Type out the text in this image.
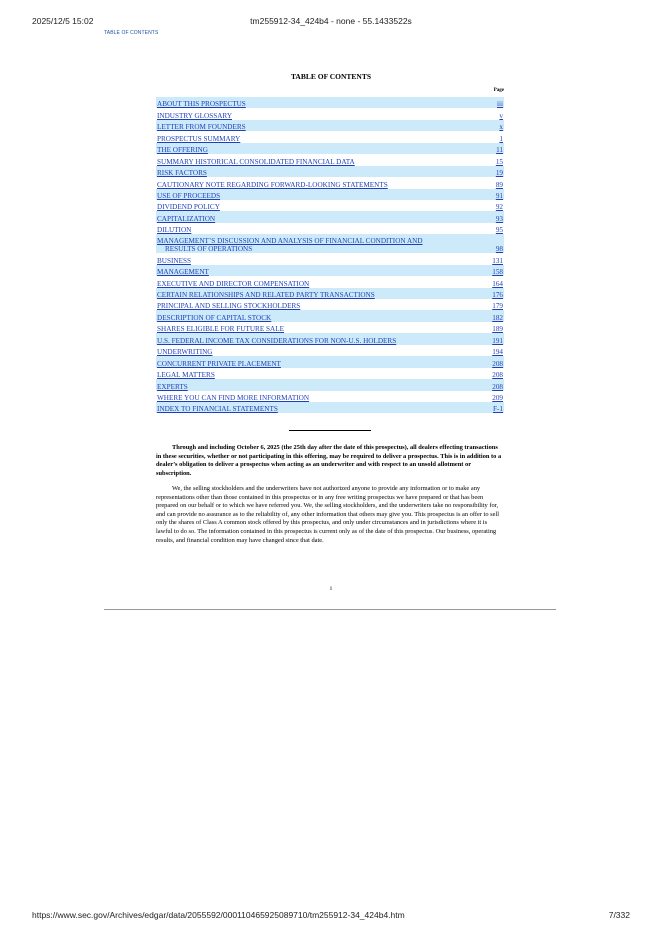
2025/12/5 15:02	tm255912-34_424b4 - none - 55.1433522s
TABLE OF CONTENTS
TABLE OF CONTENTS
Page
ABOUT THIS PROSPECTUS	iii
INDUSTRY GLOSSARY	v
LETTER FROM FOUNDERS	x
PROSPECTUS SUMMARY	1
THE OFFERING	11
SUMMARY HISTORICAL CONSOLIDATED FINANCIAL DATA	15
RISK FACTORS	19
CAUTIONARY NOTE REGARDING FORWARD-LOOKING STATEMENTS	89
USE OF PROCEEDS	91
DIVIDEND POLICY	92
CAPITALIZATION	93
DILUTION	95
MANAGEMENT’S DISCUSSION AND ANALYSIS OF FINANCIAL CONDITION AND
RESULTS OF OPERATIONS	98
BUSINESS	131
MANAGEMENT	158
EXECUTIVE AND DIRECTOR COMPENSATION	164
CERTAIN RELATIONSHIPS AND RELATED PARTY TRANSACTIONS	176
PRINCIPAL AND SELLING STOCKHOLDERS	179
DESCRIPTION OF CAPITAL STOCK	182
SHARES ELIGIBLE FOR FUTURE SALE	189
U.S. FEDERAL INCOME TAX CONSIDERATIONS FOR NON-U.S. HOLDERS	191
UNDERWRITING	194
CONCURRENT PRIVATE PLACEMENT	208
LEGAL MATTERS	208
EXPERTS	208
WHERE YOU CAN FIND MORE INFORMATION	209
INDEX TO FINANCIAL STATEMENTS	F-1

Through and including October 6, 2025 (the 25th day after the date of this prospectus), all dealers effecting transactions in these securities, whether or not participating in this offering, may be required to deliver a prospectus. This is in addition to a dealer’s obligation to deliver a prospectus when acting as an underwriter and with respect to an unsold allotment or subscription.

We, the selling stockholders and the underwriters have not authorized anyone to provide any information or to make any representations other than those contained in this prospectus or in any free writing prospectus we have prepared or that has been prepared on our behalf or to which we have referred you. We, the selling stockholders, and the underwriters take no responsibility for, and can provide no assurance as to the reliability of, any other information that others may give you. This prospectus is an offer to sell only the shares of Class A common stock offered by this prospectus, and only under circumstances and in jurisdictions where it is lawful to do so. The information contained in this prospectus is current only as of the date of this prospectus. Our business, operating results, and financial condition may have changed since that date.

i
https://www.sec.gov/Archives/edgar/data/2055592/000110465925089710/tm255912-34_424b4.htm	7/332
